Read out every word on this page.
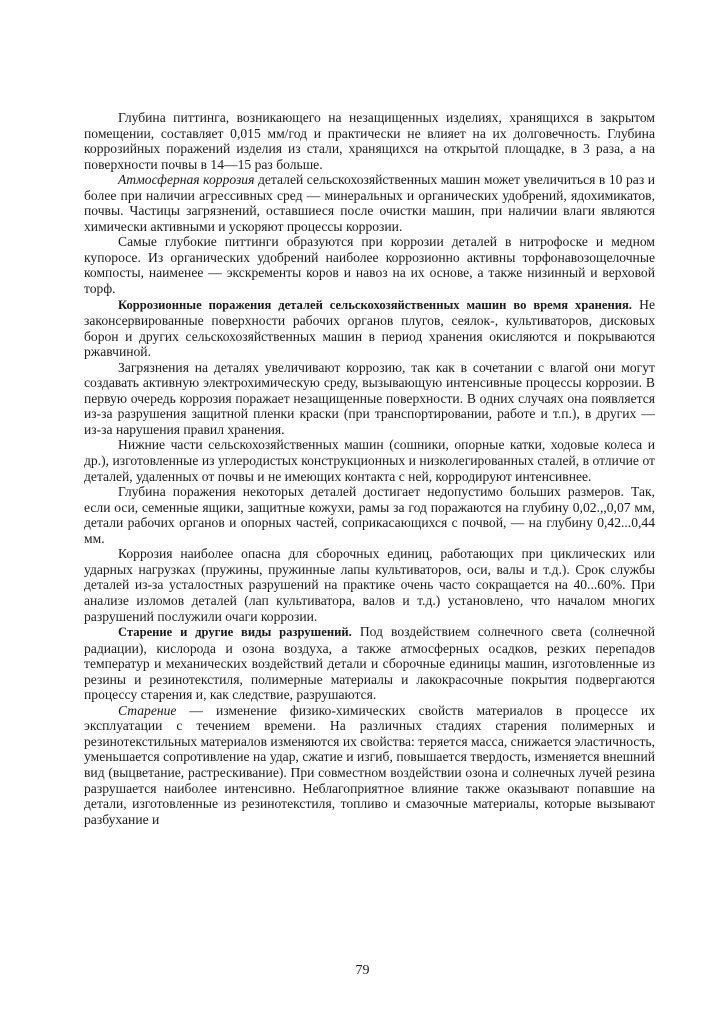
Глубина питтинга, возникающего на незащищенных изделиях, хранящихся в закрытом помещении, составляет 0,015 мм/год и практически не влияет на их долговечность. Глубина коррозийных поражений изделия из стали, хранящихся на открытой площадке, в 3 раза, а на поверхности почвы в 14—15 раз больше.

Атмосферная коррозия деталей сельскохозяйственных машин может увеличиться в 10 раз и более при наличии агрессивных сред — минеральных и органических удобрений, ядохимикатов, почвы. Частицы загрязнений, оставшиеся после очистки машин, при наличии влаги являются химически активными и ускоряют процессы коррозии.

Самые глубокие питтинги образуются при коррозии деталей в нитрофоске и медном купоросе. Из органических удобрений наиболее коррозионно активны торфонавозощелочные компосты, наименее — экскременты коров и навоз на их основе, а также низинный и верховой торф.

Коррозионные поражения деталей сельскохозяйственных машин во время хранения. Не законсервированные поверхности рабочих органов плугов, сеялок-, культиваторов, дисковых борон и других сельскохозяйственных машин в период хранения окисляются и покрываются ржавчиной.

Загрязнения на деталях увеличивают коррозию, так как в сочетании с влагой они могут создавать активную электрохимическую среду, вызывающую интенсивные процессы коррозии. В первую очередь коррозия поражает незащищенные поверхности. В одних случаях она появляется из-за разрушения защитной пленки краски (при транспортировании, работе и т.п.), в других — из-за нарушения правил хранения.

Нижние части сельскохозяйственных машин (сошники, опорные катки, ходовые колеса и др.), изготовленные из углеродистых конструкционных и низколегированных сталей, в отличие от деталей, удаленных от почвы и не имеющих контакта с ней, корродируют интенсивнее.

Глубина поражения некоторых деталей достигает недопустимо больших размеров. Так, если оси, семенные ящики, защитные кожухи, рамы за год поражаются на глубину 0,02.,,0,07 мм, детали рабочих органов и опорных частей, соприкасающихся с почвой, — на глубину 0,42...0,44 мм.

Коррозия наиболее опасна для сборочных единиц, работающих при циклических или ударных нагрузках (пружины, пружинные лапы культиваторов, оси, валы и т.д.). Срок службы деталей из-за усталостных разрушений на практике очень часто сокращается на 40...60%. При анализе изломов деталей (лап культиватора, валов и т.д.) установлено, что началом многих разрушений послужили очаги коррозии.

Старение и другие виды разрушений. Под воздействием солнечного света (солнечной радиации), кислорода и озона воздуха, а также атмосферных осадков, резких перепадов температур и механических воздействий детали и сборочные единицы машин, изготовленные из резины и резинотекстиля, полимерные материалы и лакокрасочные покрытия подвергаются процессу старения и, как следствие, разрушаются.

Старение — изменение физико-химических свойств материалов в процессе их эксплуатации с течением времени. На различных стадиях старения полимерных и резинотекстильных материалов изменяются их свойства: теряется масса, снижается эластичность, уменьшается сопротивление на удар, сжатие и изгиб, повышается твердость, изменяется внешний вид (выцветание, растрескивание). При совместном воздействии озона и солнечных лучей резина разрушается наиболее интенсивно. Неблагоприятное влияние также оказывают попавшие на детали, изготовленные из резинотекстиля, топливо и смазочные материалы, которые вызывают разбухание и

79
